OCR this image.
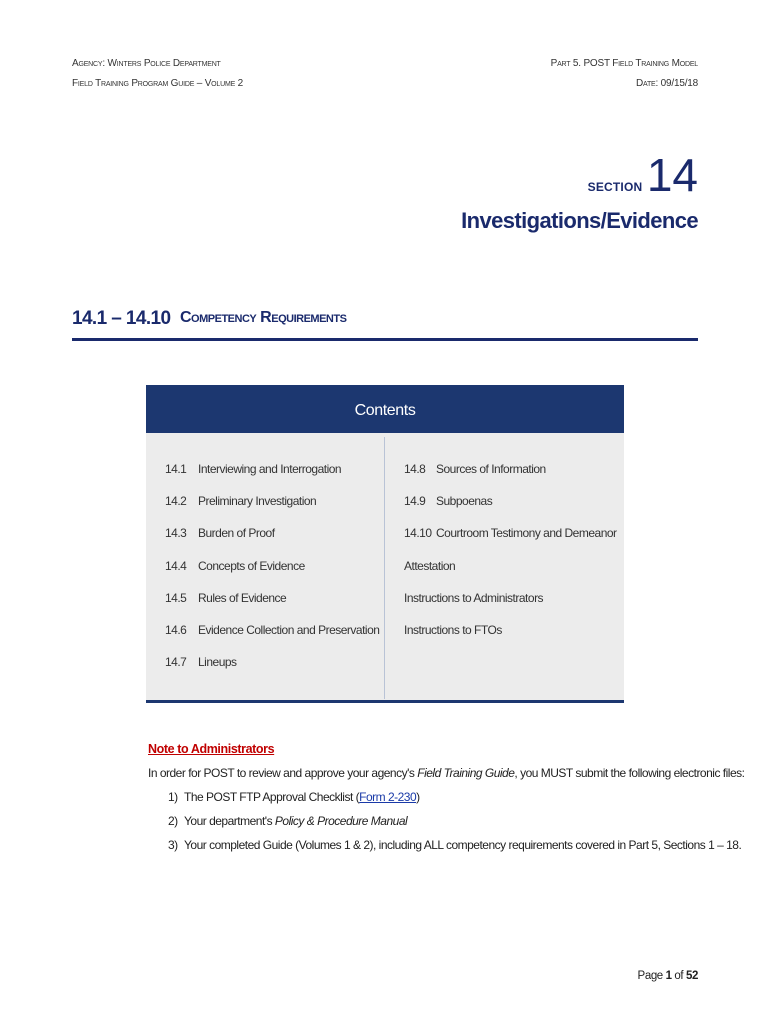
Agency: Winters Police Department
Field Training Program Guide – Volume 2
Part 5. POST Field Training Model
Date: 09/15/18
SECTION 14
Investigations/Evidence
14.1 – 14.10 Competency Requirements
Contents
14.1 Interviewing and Interrogation
14.2 Preliminary Investigation
14.3 Burden of Proof
14.4 Concepts of Evidence
14.5 Rules of Evidence
14.6 Evidence Collection and Preservation
14.7 Lineups
14.8 Sources of Information
14.9 Subpoenas
14.10 Courtroom Testimony and Demeanor
Attestation
Instructions to Administrators
Instructions to FTOs
Note to Administrators
In order for POST to review and approve your agency's Field Training Guide, you MUST submit the following electronic files:
1) The POST FTP Approval Checklist (Form 2-230)
2) Your department's Policy & Procedure Manual
3) Your completed Guide (Volumes 1 & 2), including ALL competency requirements covered in Part 5, Sections 1 – 18.
Page 1 of 52
